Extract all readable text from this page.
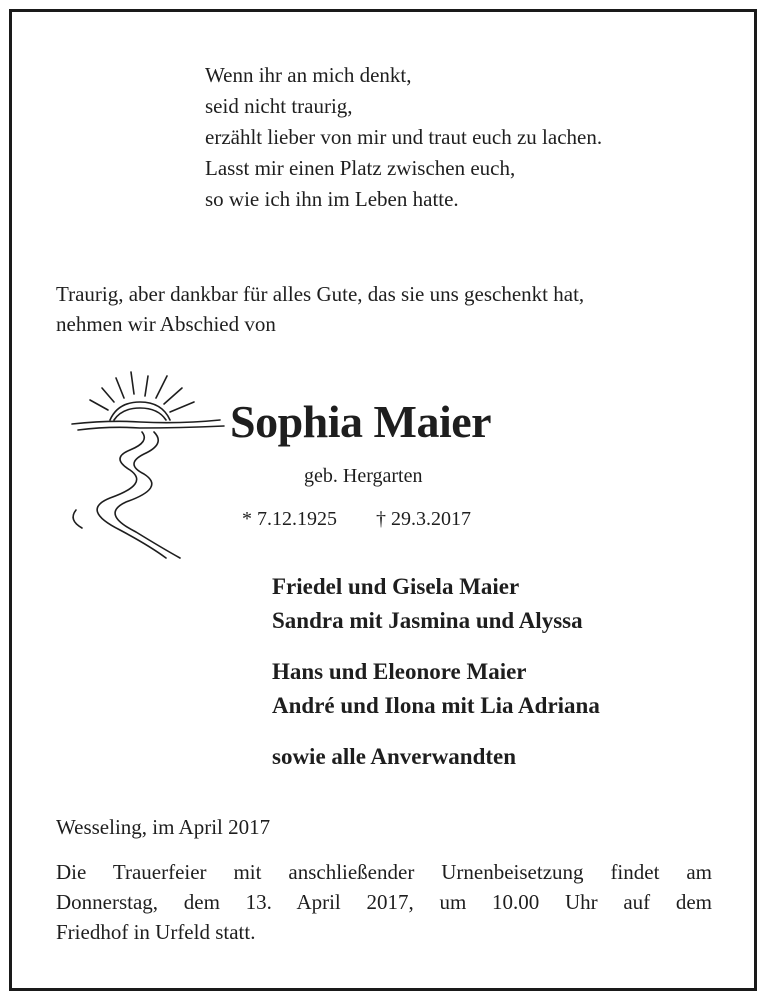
Wenn ihr an mich denkt,
seid nicht traurig,
erzählt lieber von mir und traut euch zu lachen.
Lasst mir einen Platz zwischen euch,
so wie ich ihn im Leben hatte.
Traurig, aber dankbar für alles Gute, das sie uns geschenkt hat,
nehmen wir Abschied von
Sophia Maier
geb. Hergarten
* 7.12.1925 † 29.3.2017
Friedel und Gisela Maier
Sandra mit Jasmina und Alyssa
Hans und Eleonore Maier
André und Ilona mit Lia Adriana
sowie alle Anverwandten
Wesseling, im April 2017
Die Trauerfeier mit anschließender Urnenbeisetzung findet am
Donnerstag, dem 13. April 2017, um 10.00 Uhr auf dem
Friedhof in Urfeld statt.
